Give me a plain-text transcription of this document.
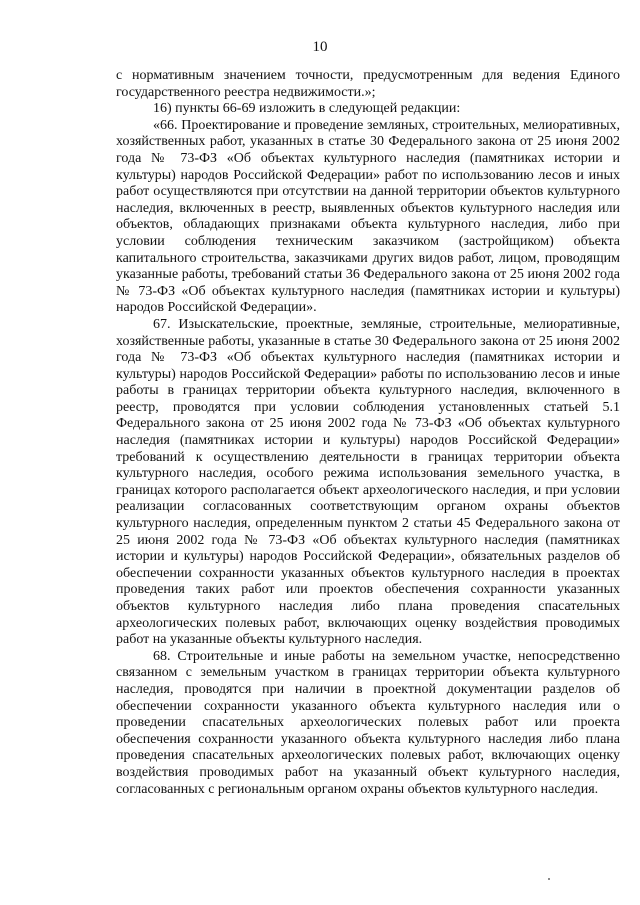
10

с нормативным значением точности, предусмотренным для ведения Единого государственного реестра недвижимости.»;

16) пункты 66-69 изложить в следующей редакции:

«66. Проектирование и проведение земляных, строительных, мелиоративных, хозяйственных работ, указанных в статье 30 Федерального закона от 25 июня 2002 года № 73-ФЗ «Об объектах культурного наследия (памятниках истории и культуры) народов Российской Федерации» работ по использованию лесов и иных работ осуществляются при отсутствии на данной территории объектов культурного наследия, включенных в реестр, выявленных объектов культурного наследия или объектов, обладающих признаками объекта культурного наследия, либо при условии соблюдения техническим заказчиком (застройщиком) объекта капитального строительства, заказчиками других видов работ, лицом, проводящим указанные работы, требований статьи 36 Федерального закона от 25 июня 2002 года № 73-ФЗ «Об объектах культурного наследия (памятниках истории и культуры) народов Российской Федерации».

67. Изыскательские, проектные, земляные, строительные, мелиоративные, хозяйственные работы, указанные в статье 30 Федерального закона от 25 июня 2002 года № 73-ФЗ «Об объектах культурного наследия (памятниках истории и культуры) народов Российской Федерации» работы по использованию лесов и иные работы в границах территории объекта культурного наследия, включенного в реестр, проводятся при условии соблюдения установленных статьей 5.1 Федерального закона от 25 июня 2002 года № 73-ФЗ «Об объектах культурного наследия (памятниках истории и культуры) народов Российской Федерации» требований к осуществлению деятельности в границах территории объекта культурного наследия, особого режима использования земельного участка, в границах которого располагается объект археологического наследия, и при условии реализации согласованных соответствующим органом охраны объектов культурного наследия, определенным пунктом 2 статьи 45 Федерального закона от 25 июня 2002 года № 73-ФЗ «Об объектах культурного наследия (памятниках истории и культуры) народов Российской Федерации», обязательных разделов об обеспечении сохранности указанных объектов культурного наследия в проектах проведения таких работ или проектов обеспечения сохранности указанных объектов культурного наследия либо плана проведения спасательных археологических полевых работ, включающих оценку воздействия проводимых работ на указанные объекты культурного наследия.

68. Строительные и иные работы на земельном участке, непосредственно связанном с земельным участком в границах территории объекта культурного наследия, проводятся при наличии в проектной документации разделов об обеспечении сохранности указанного объекта культурного наследия или о проведении спасательных археологических полевых работ или проекта обеспечения сохранности указанного объекта культурного наследия либо плана проведения спасательных археологических полевых работ, включающих оценку воздействия проводимых работ на указанный объект культурного наследия, согласованных с региональным органом охраны объектов культурного наследия.
